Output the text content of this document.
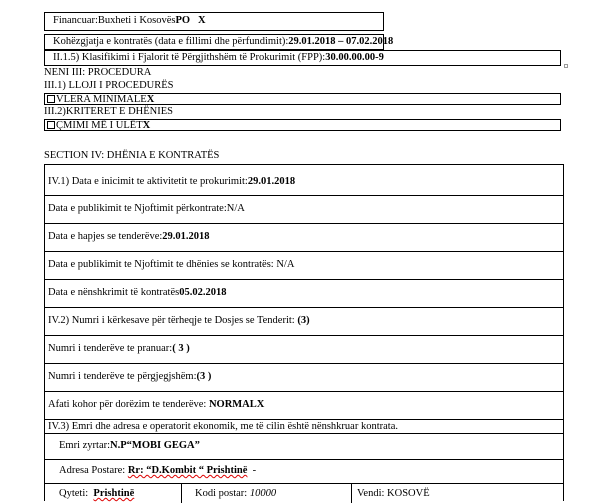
Financuar:Buxheti i KosovësPO X
Kohëzgjatja e kontratës (data e fillimi dhe përfundimit):29.01.2018 – 07.02.2018
II.1.5) Klasifikimi i Fjalorit të Përgjithshëm të Prokurimit (FPP):30.00.00.00-9
NENI III: PROCEDURA
III.1) LLOJI I PROCEDURËS
VLERA MINIMALEX
III.2)KRITERET E DHËNIES
ÇMIMI MË I ULËTX
SECTION IV: DHËNIA E KONTRATËS
IV.1) Data e inicimit te aktivitetit te prokurimit:29.01.2018
Data e publikimit te Njoftimit përkontrate:N/A
Data e hapjes se tenderëve:29.01.2018
Data e publikimit te Njoftimit te dhënies se kontratës: N/A
Data e nënshkrimit të kontratës05.02.2018
IV.2) Numri i kërkesave për tërheqje te Dosjes se Tenderit: (3)
Numri i tenderëve te pranuar:( 3 )
Numri i tenderëve te përgjegjshëm:(3 )
Afati kohor për dorëzim te tenderëve: NORMALX
IV.3) Emri dhe adresa e operatorit ekonomik, me të cilin është nënshkruar kontrata.
Emri zyrtar:N.P“MOBI GEGA”
Adresa Postare: Rr: “D.Kombit “ Prishtinë -
Qyteti: Prishtinë	Kodi postar: 10000	Vendi: KOSOVË
